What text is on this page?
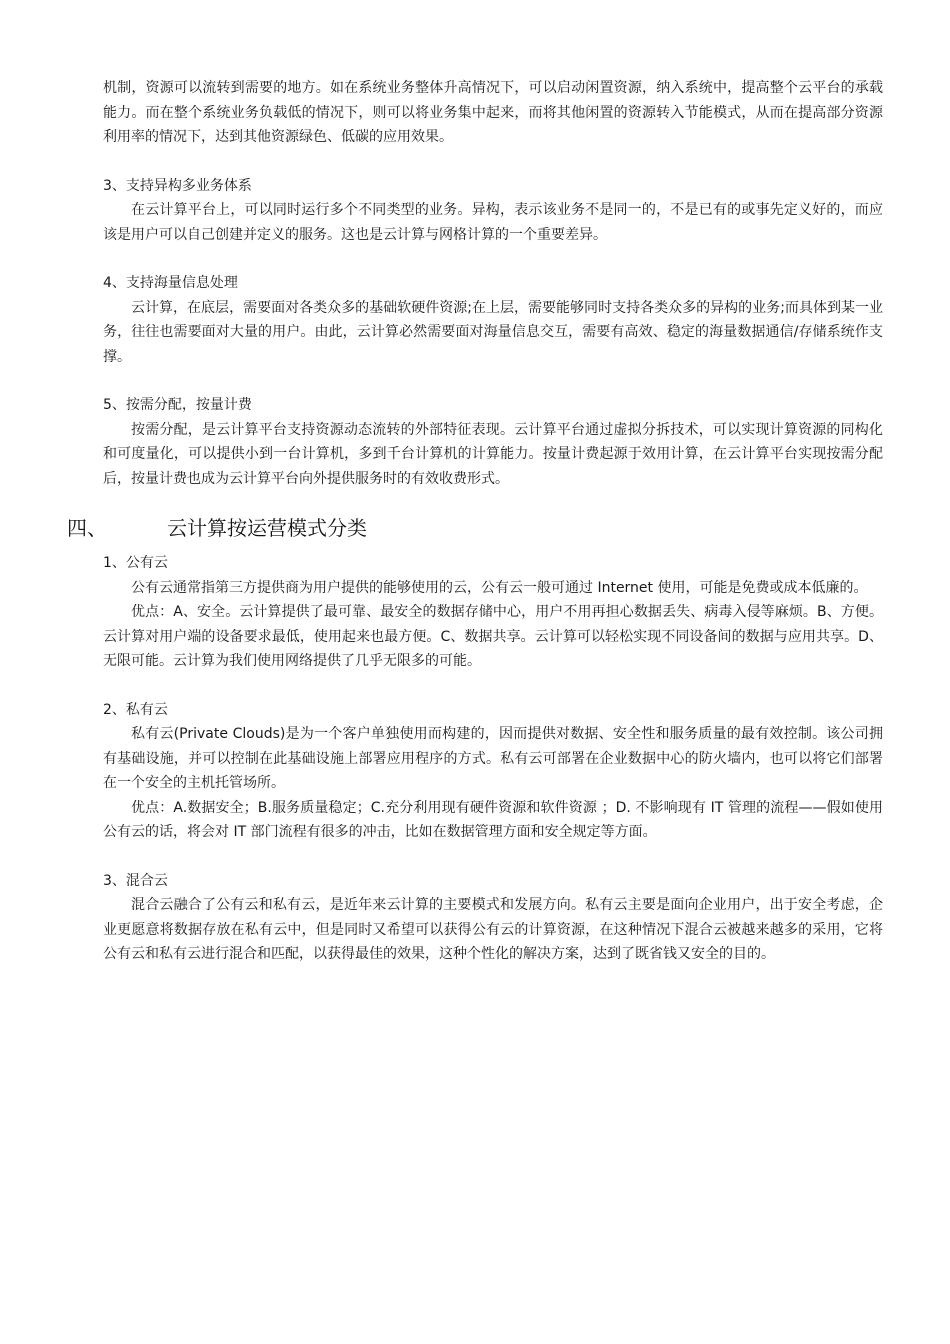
机制，资源可以流转到需要的地方。如在系统业务整体升高情况下，可以启动闲置资源，纳入系统中，提高整个云平台的承载能力。而在整个系统业务负载低的情况下，则可以将业务集中起来，而将其他闲置的资源转入节能模式，从而在提高部分资源利用率的情况下，达到其他资源绿色、低碳的应用效果。

3、支持异构多业务体系

在云计算平台上，可以同时运行多个不同类型的业务。异构，表示该业务不是同一的，不是已有的或事先定义好的，而应该是用户可以自己创建并定义的服务。这也是云计算与网格计算的一个重要差异。

4、支持海量信息处理

云计算，在底层，需要面对各类众多的基础软硬件资源;在上层，需要能够同时支持各类众多的异构的业务;而具体到某一业务，往往也需要面对大量的用户。由此，云计算必然需要面对海量信息交互，需要有高效、稳定的海量数据通信/存储系统作支撑。

5、按需分配，按量计费

按需分配，是云计算平台支持资源动态流转的外部特征表现。云计算平台通过虚拟分拆技术，可以实现计算资源的同构化和可度量化，可以提供小到一台计算机，多到千台计算机的计算能力。按量计费起源于效用计算，在云计算平台实现按需分配后，按量计费也成为云计算平台向外提供服务时的有效收费形式。

四、	云计算按运营模式分类

1、公有云

公有云通常指第三方提供商为用户提供的能够使用的云，公有云一般可通过 Internet 使用，可能是免费或成本低廉的。

优点：A、安全。云计算提供了最可靠、最安全的数据存储中心，用户不用再担心数据丢失、病毒入侵等麻烦。B、方便。云计算对用户端的设备要求最低，使用起来也最方便。C、数据共享。云计算可以轻松实现不同设备间的数据与应用共享。D、无限可能。云计算为我们使用网络提供了几乎无限多的可能。

2、私有云

私有云(Private Clouds)是为一个客户单独使用而构建的，因而提供对数据、安全性和服务质量的最有效控制。该公司拥有基础设施，并可以控制在此基础设施上部署应用程序的方式。私有云可部署在企业数据中心的防火墙内，也可以将它们部署在一个安全的主机托管场所。

优点：A.数据安全；B.服务质量稳定；C.充分利用现有硬件资源和软件资源 ；D. 不影响现有 IT 管理的流程——假如使用公有云的话，将会对 IT 部门流程有很多的冲击，比如在数据管理方面和安全规定等方面。

3、混合云

混合云融合了公有云和私有云，是近年来云计算的主要模式和发展方向。私有云主要是面向企业用户，出于安全考虑，企业更愿意将数据存放在私有云中，但是同时又希望可以获得公有云的计算资源，在这种情况下混合云被越来越多的采用，它将公有云和私有云进行混合和匹配，以获得最佳的效果，这种个性化的解决方案，达到了既省钱又安全的目的。
